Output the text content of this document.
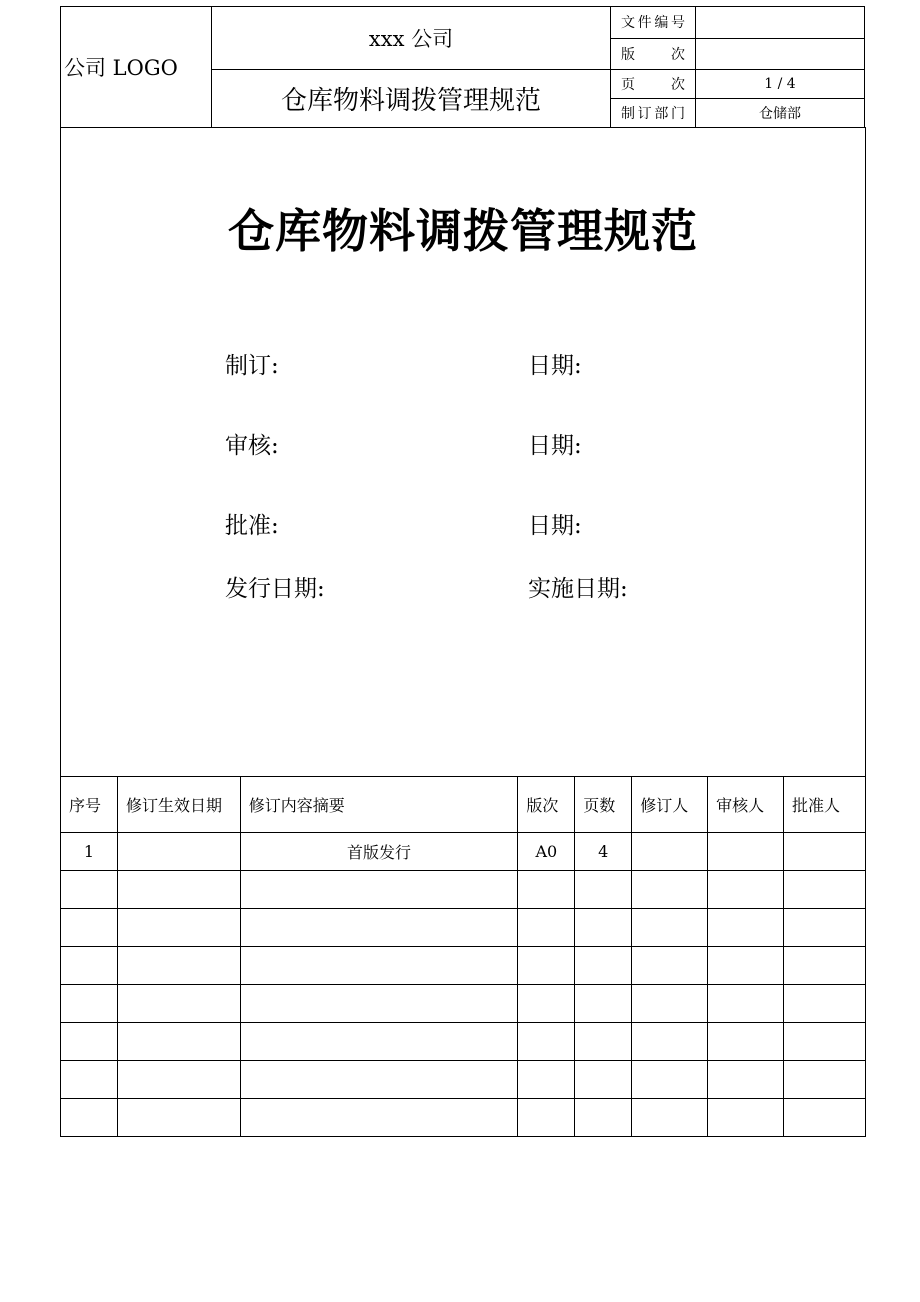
公司 LOGO	xxx 公司	文件编号	
		版　　次	
	仓库物料调拨管理规范	页　　次	1 / 4
		制订部门	仓储部
仓库物料调拨管理规范
制订:	日期:
审核:	日期:
批准:	日期:
发行日期:	实施日期:
序号	修订生效日期	修订内容摘要	版次	页数	修订人	审核人	批准人
1		首版发行	A0	4			
